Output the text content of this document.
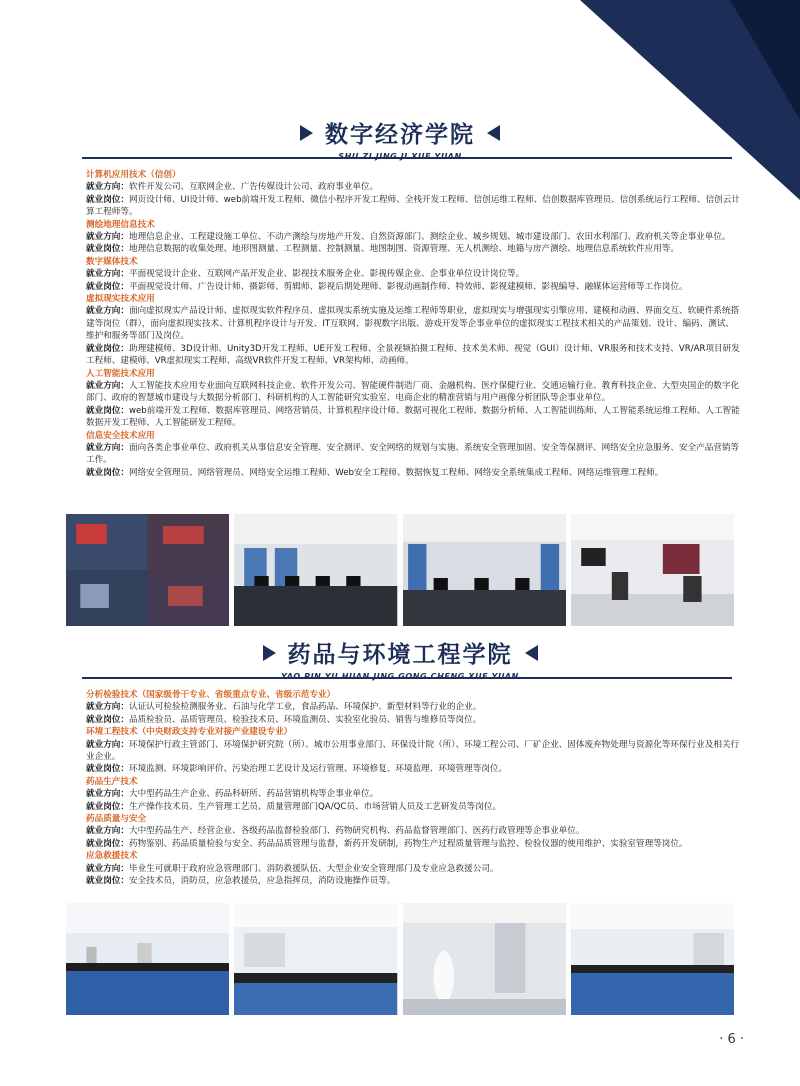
数字经济学院

计算机应用技术（信创）

就业方向：软件开发公司、互联网企业、广告传媒设计公司、政府事业单位。

就业岗位：网页设计师、UI设计师、web前端开发工程师、微信小程序开发工程师、全栈开发工程师、信创运维工程师、信创数据库管理员、信创系统运行工程师、信创云计算工程师等。

测绘地理信息技术

就业方向：地理信息企业、工程建设施工单位、不动产测绘与房地产开发、自然资源部门、测绘企业、城乡规划、城市建设部门、农田水利部门、政府机关等企事业单位。

就业岗位：地理信息数据的收集处理、地形图测量、工程测量、控制测量、地图制图、资源管理、无人机测绘、地籍与房产测绘、地理信息系统软件应用等。

数字媒体技术

就业方向：平面视觉设计企业、互联网产品开发企业、影视技术服务企业、影视传媒企业、企事业单位设计岗位等。

就业岗位：平面视觉设计师、广告设计师、摄影师、剪辑师、影视后期处理师、影视动画制作师、特效师、影视建模师、影视编导、融媒体运营师等工作岗位。

虚拟现实技术应用

就业方向：面向虚拟现实产品设计师、虚拟现实软件程序员、虚拟现实系统实施及运维工程师等职业，虚拟现实与增强现实引擎应用、建模和动画、界面交互、软硬件系统搭建等岗位（群），面向虚拟现实技术、计算机程序设计与开发、IT互联网、影视数字出版、游戏开发等企事业单位的虚拟现实工程技术相关的产品策划、设计、编码、测试、维护和服务等部门及岗位。

就业岗位：助理建模师、3D设计师、Unity3D开发工程师、UE开发工程师、全景视频拍摄工程师、技术美术师、视觉（GUI）设计师、VR服务和技术支持、VR/AR项目研发工程师、建模师、VR虚拟现实工程师、高级VR软件开发工程师、VR架构师、动画师。

人工智能技术应用

就业方向：人工智能技术应用专业面向互联网科技企业、软件开发公司、智能硬件制造厂商、金融机构、医疗保健行业、交通运输行业、教育科技企业、大型央国企的数字化部门、政府的智慧城市建设与大数据分析部门、科研机构的人工智能研究实验室、电商企业的精准营销与用户画像分析团队等企事业单位。

就业岗位：web前端开发工程师、数据库管理员、网络营销员、计算机程序设计师、数据可视化工程师、数据分析师、人工智能训练师、人工智能系统运维工程师、人工智能数据开发工程师、人工智能研发工程师。

信息安全技术应用

就业方向：面向各类企事业单位、政府机关从事信息安全管理、安全测评、安全网络的规划与实施、系统安全管理加固、安全等保测评、网络安全应急服务、安全产品营销等工作。

就业岗位：网络安全管理员、网络管理员、网络安全运维工程师、Web安全工程师、数据恢复工程师、网络安全系统集成工程师、网络运维管理工程师。

药品与环境工程学院

分析检验技术（国家级骨干专业、省级重点专业、省级示范专业）

就业方向：认证认可检验检测服务业、石油与化学工业，食品药品、环境保护、新型材料等行业的企业。

就业岗位：品质检验员、品质管理员、检验技术员、环境监测员、实验室化验员、销售与维修员等岗位。

环境工程技术（中央财政支持专业对接产业建设专业）

就业方向：环境保护行政主管部门、环境保护研究院（所）、城市公用事业部门、环保设计院（所）、环境工程公司、厂矿企业、固体废弃物处理与资源化等环保行业及相关行业企业。

就业岗位：环境监测、环境影响评价、污染治理工艺设计及运行管理、环境修复、环境监理、环境管理等岗位。

药品生产技术

就业方向：大中型药品生产企业、药品科研所、药品营销机构等企事业单位。

就业岗位：生产操作技术员、生产管理工艺员、质量管理部门QA/QC员、市场营销人员及工艺研发员等岗位。

药品质量与安全

就业方向：大中型药品生产、经营企业、各级药品监督检验部门、药物研究机构、药品监督管理部门、医药行政管理等企事业单位。

就业岗位：药物鉴别、药品质量检验与安全、药品品质管理与监督，新药开发研制，药物生产过程质量管理与监控、检验仪器的使用维护、实验室管理等岗位。

应急救援技术

就业方向：毕业生可就职于政府应急管理部门、消防救援队伍、大型企业安全管理部门及专业应急救援公司。

就业岗位：安全技术员，消防员，应急救援员，应急指挥员，消防设施操作员等。

· 6 ·
